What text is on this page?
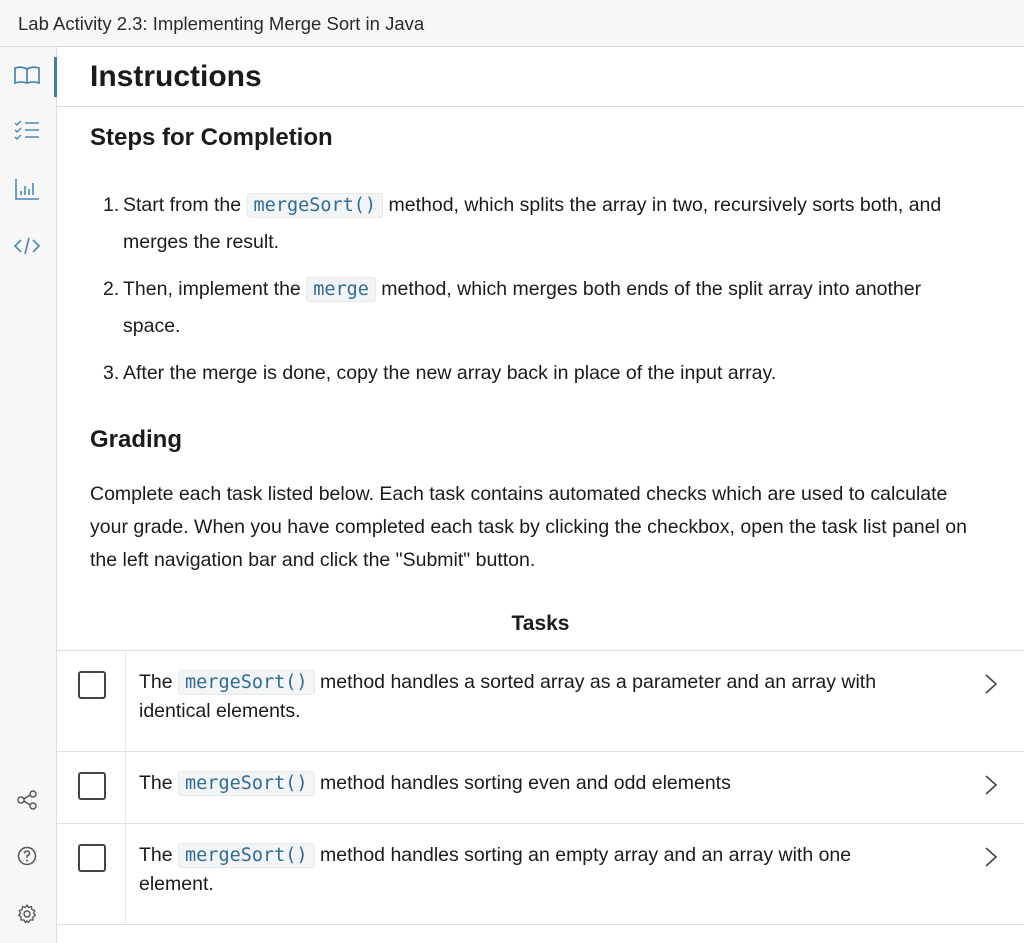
Lab Activity 2.3: Implementing Merge Sort in Java
Instructions
Steps for Completion
1. Start from the mergeSort() method, which splits the array in two, recursively sorts both, and merges the result.
2. Then, implement the merge method, which merges both ends of the split array into another space.
3. After the merge is done, copy the new array back in place of the input array.
Grading

Complete each task listed below. Each task contains automated checks which are used to calculate your grade. When you have completed each task by clicking the checkbox, open the task list panel on the left navigation bar and click the "Submit" button.

Tasks
The mergeSort() method handles a sorted array as a parameter and an array with identical elements.
The mergeSort() method handles sorting even and odd elements
The mergeSort() method handles sorting an empty array and an array with one element.
